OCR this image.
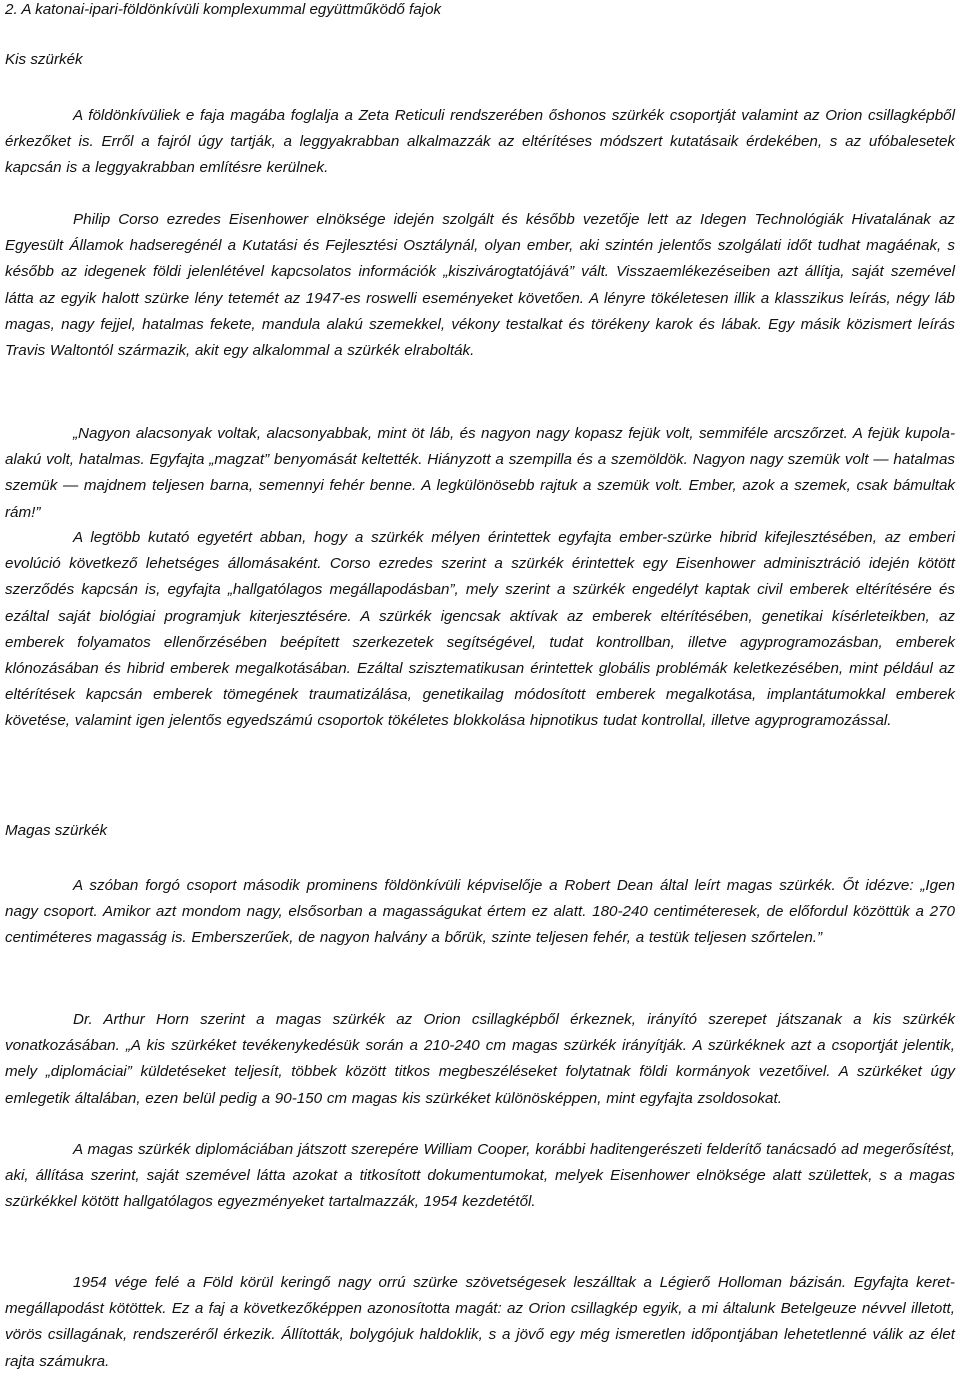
2. A katonai-ipari-földönkívüli komplexummal együttműködő fajok
Kis szürkék

A földönkívüliek e faja magába foglalja a Zeta Reticuli rendszerében őshonos szürkék csoportját valamint az Orion csillagképből érkezőket is. Erről a fajról úgy tartják, a leggyakrabban alkalmazzák az eltérítéses módszert kutatásaik érdekében, s az ufóbalesetek kapcsán is a leggyakrabban említésre kerülnek.

Philip Corso ezredes Eisenhower elnöksége idején szolgált és később vezetője lett az Idegen Technológiák Hivatalának az Egyesült Államok hadseregénél a Kutatási és Fejlesztési Osztálynál, olyan ember, aki szintén jelentős szolgálati időt tudhat magáénak, s később az idegenek földi jelenlétével kapcsolatos információk „kiszivárogtatójává” vált. Visszaemlékezéseiben azt állítja, saját szemével látta az egyik halott szürke lény tetemét az 1947-es roswelli eseményeket követően. A lényre tökéletesen illik a klasszikus leírás, négy láb magas, nagy fejjel, hatalmas fekete, mandula alakú szemekkel, vékony testalkat és törékeny karok és lábak. Egy másik közismert leírás Travis Waltontól származik, akit egy alkalommal a szürkék elrabolták.

„Nagyon alacsonyak voltak, alacsonyabbak, mint öt láb, és nagyon nagy kopasz fejük volt, semmiféle arcszőrzet. A fejük kupola-alakú volt, hatalmas. Egyfajta „magzat” benyomását keltették. Hiányzott a szempilla és a szemöldök. Nagyon nagy szemük volt — hatalmas szemük — majdnem teljesen barna, semennyi fehér benne. A legkülönösebb rajtuk a szemük volt. Ember, azok a szemek, csak bámultak rám!”

A legtöbb kutató egyetért abban, hogy a szürkék mélyen érintettek egyfajta ember-szürke hibrid kifejlesztésében, az emberi evolúció következő lehetséges állomásaként. Corso ezredes szerint a szürkék érintettek egy Eisenhower adminisztráció idején kötött szerződés kapcsán is, egyfajta „hallgatólagos megállapodásban”, mely szerint a szürkék engedélyt kaptak civil emberek eltérítésére és ezáltal saját biológiai programjuk kiterjesztésére. A szürkék igencsak aktívak az emberek eltérítésében, genetikai kísérleteikben, az emberek folyamatos ellenőrzésében beépített szerkezetek segítségével, tudat kontrollban, illetve agyprogramozásban, emberek klónozásában és hibrid emberek megalkotásában. Ezáltal szisztematikusan érintettek globális problémák keletkezésében, mint például az eltérítések kapcsán emberek tömegének traumatizálása, genetikailag módosított emberek megalkotása, implantátumokkal emberek követése, valamint igen jelentős egyedszámú csoportok tökéletes blokkolása hipnotikus tudat kontrollal, illetve agyprogramozással.

Magas szürkék

A szóban forgó csoport második prominens földönkívüli képviselője a Robert Dean által leírt magas szürkék. Őt idézve: „Igen nagy csoport. Amikor azt mondom nagy, elsősorban a magasságukat értem ez alatt. 180-240 centiméteresek, de előfordul közöttük a 270 centiméteres magasság is. Emberszerűek, de nagyon halvány a bőrük, szinte teljesen fehér, a testük teljesen szőrtelen.”

Dr. Arthur Horn szerint a magas szürkék az Orion csillagképből érkeznek, irányító szerepet játszanak a kis szürkék vonatkozásában. „A kis szürkéket tevékenykedésük során a 210-240 cm magas szürkék irányítják. A szürkéknek azt a csoportját jelentik, mely „diplomáciai” küldetéseket teljesít, többek között titkos megbeszéléseket folytatnak földi kormányok vezetőivel. A szürkéket úgy emlegetik általában, ezen belül pedig a 90-150 cm magas kis szürkéket különösképpen, mint egyfajta zsoldosokat.

A magas szürkék diplomáciában játszott szerepére William Cooper, korábbi haditengerészeti felderítő tanácsadó ad megerősítést, aki, állítása szerint, saját szemével látta azokat a titkosított dokumentumokat, melyek Eisenhower elnöksége alatt születtek, s a magas szürkékkel kötött hallgatólagos egyezményeket tartalmazzák, 1954 kezdetétől.

1954 vége felé a Föld körül keringő nagy orrú szürke szövetségesek leszálltak a Légierő Holloman bázisán. Egyfajta keret-megállapodást kötöttek. Ez a faj a következőképpen azonosította magát: az Orion csillagkép egyik, a mi általunk Betelgeuze névvel illetott, vörös csillagának, rendszeréről érkezik. Állították, bolygójuk haldoklik, s a jövő egy még ismeretlen időpontjában lehetetlenné válik az élet rajta számukra.
